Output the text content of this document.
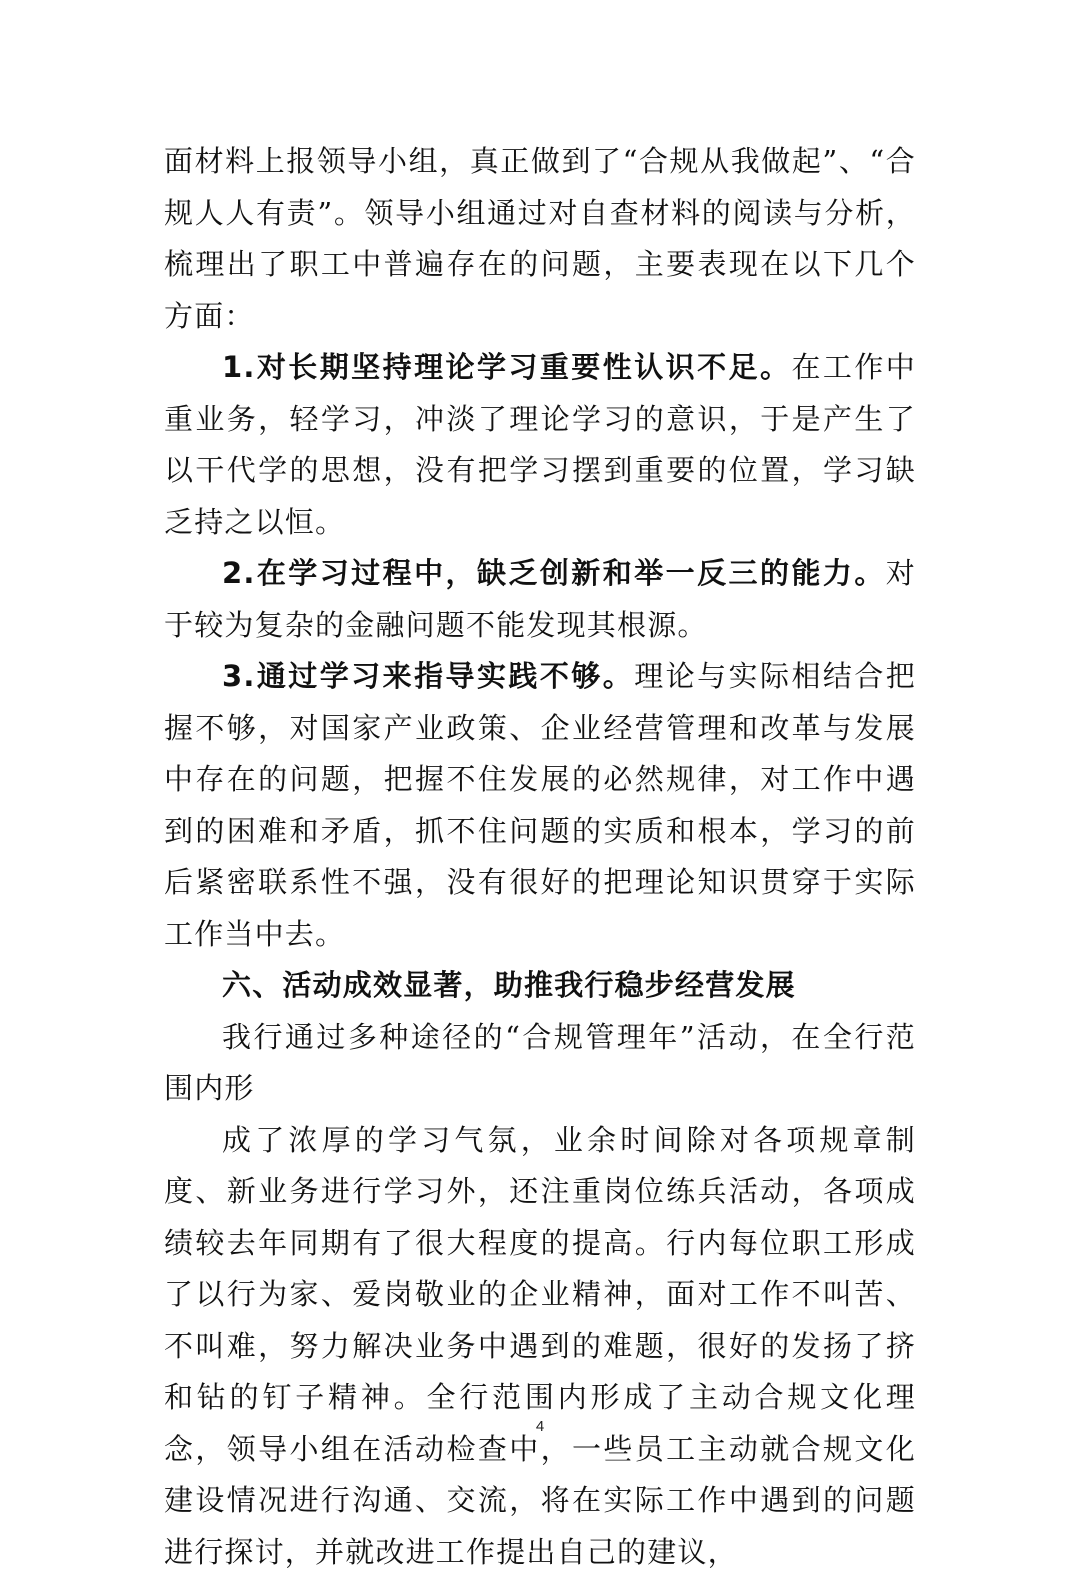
面材料上报领导小组，真正做到了“合规从我做起”、“合规人人有责”。领导小组通过对自查材料的阅读与分析，梳理出了职工中普遍存在的问题，主要表现在以下几个方面：

1.对长期坚持理论学习重要性认识不足。在工作中重业务，轻学习，冲淡了理论学习的意识，于是产生了以干代学的思想，没有把学习摆到重要的位置，学习缺乏持之以恒。

2.在学习过程中，缺乏创新和举一反三的能力。对于较为复杂的金融问题不能发现其根源。

3.通过学习来指导实践不够。理论与实际相结合把握不够，对国家产业政策、企业经营管理和改革与发展中存在的问题，把握不住发展的必然规律，对工作中遇到的困难和矛盾，抓不住问题的实质和根本，学习的前后紧密联系性不强，没有很好的把理论知识贯穿于实际工作当中去。

六、活动成效显著，助推我行稳步经营发展

我行通过多种途径的“合规管理年”活动，在全行范围内形

成了浓厚的学习气氛，业余时间除对各项规章制度、新业务进行学习外，还注重岗位练兵活动，各项成绩较去年同期有了很大程度的提高。行内每位职工形成了以行为家、爱岗敬业的企业精神，面对工作不叫苦、不叫难，努力解决业务中遇到的难题，很好的发扬了挤和钻的钉子精神。全行范围内形成了主动合规文化理念，领导小组在活动检查中，一些员工主动就合规文化建设情况进行沟通、交流，将在实际工作中遇到的问题进行探讨，并就改进工作提出自己的建议，

4
